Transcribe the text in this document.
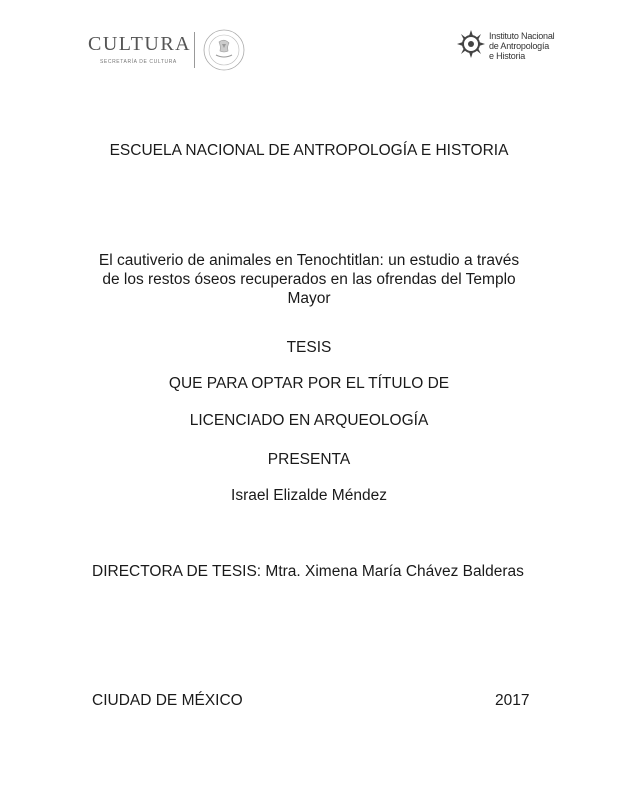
CULTURA
SECRETARÍA DE CULTURA
Instituto Nacional
de Antropología
e Historia
ESCUELA NACIONAL DE ANTROPOLOGÍA E HISTORIA
El cautiverio de animales en Tenochtitlan: un estudio a través
de los restos óseos recuperados en las ofrendas del Templo
Mayor
TESIS
QUE PARA OPTAR POR EL TÍTULO DE
LICENCIADO EN ARQUEOLOGÍA
PRESENTA
Israel Elizalde Méndez
DIRECTORA DE TESIS: Mtra. Ximena María Chávez Balderas
CIUDAD DE MÉXICO	2017
